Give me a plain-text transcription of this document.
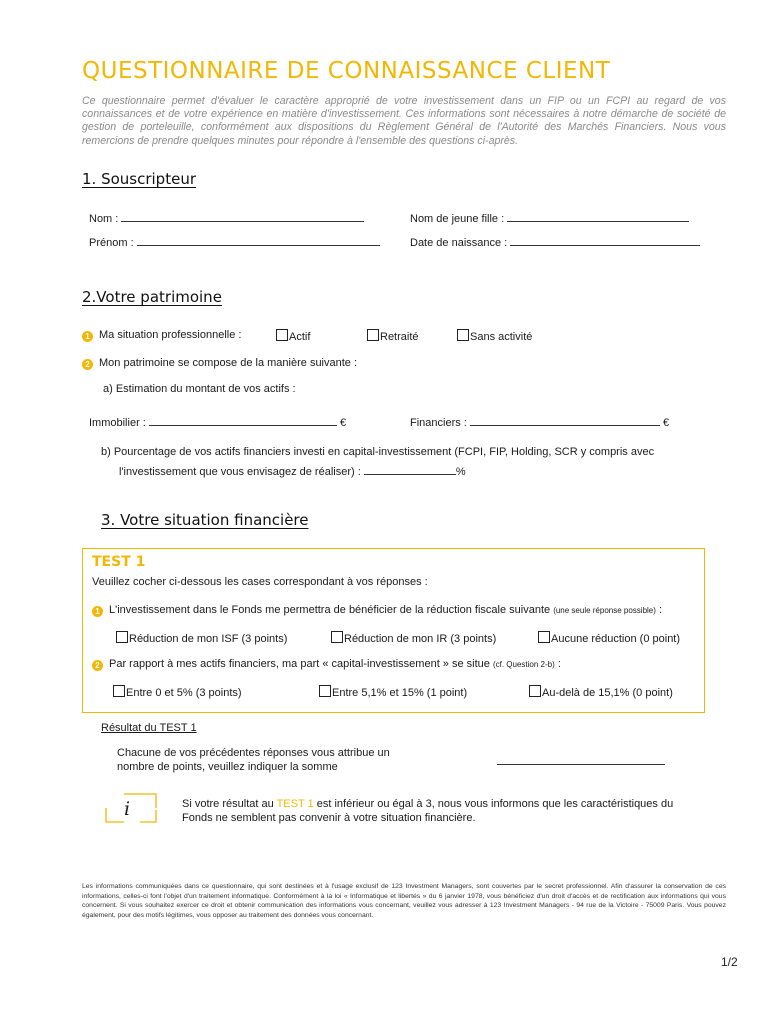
QUESTIONNAIRE DE CONNAISSANCE CLIENT
Ce questionnaire permet d'évaluer le caractère approprié de votre investissement dans un FIP ou un FCPI au regard de vos connaissances et de votre expérience en matière d'investissement. Ces informations sont nécessaires à notre démarche de société de gestion de porteleuille, conformément aux dispositions du Règlement Général de l'Autorité des Marchés Financiers. Nous vous remercions de prendre quelques minutes pour répondre à l'ensemble des questions ci-après.
1. Souscripteur
Nom :	Nom de jeune fille :
Prénom :	Date de naissance :
2.Votre patrimoine
1 Ma situation professionnelle :	Actif	Retraité	Sans activité
2 Mon patrimoine se compose de la manière suivante :
a) Estimation du montant de vos actifs :
Immobilier :	€	Financiers :	€
b) Pourcentage de vos actifs financiers investi en capital-investissement (FCPI, FIP, Holding, SCR y compris avec
l'investissement que vous envisagez de réaliser) :	%
3. Votre situation financière
TEST 1
Veuillez cocher ci-dessous les cases correspondant à vos réponses :
1 L'investissement dans le Fonds me permettra de bénéficier de la réduction fiscale suivante (une seule réponse possible) :
Réduction de mon ISF (3 points)	Réduction de mon IR (3 points)	Aucune réduction (0 point)
2 Par rapport à mes actifs financiers, ma part « capital-investissement » se situe (cf. Question 2-b) :
Entre 0 et 5% (3 points)	Entre 5,1% et 15% (1 point)	Au-delà de 15,1% (0 point)
Résultat du TEST 1
Chacune de vos précédentes réponses vous attribue un
nombre de points, veuillez indiquer la somme
i	Si votre résultat au TEST 1 est inférieur ou égal à 3, nous vous informons que les caractéristiques du
Fonds ne semblent pas convenir à votre situation financière.
Les informations communiquées dans ce questionnaire, qui sont destinées et à l'usage exclusif de 123 Investment Managers, sont couvertes par le secret professionnel. Afin d'assurer la conservation de ces informations, celles-ci font l'objet d'un traitement informatique. Conformément à la loi « Informatique et libertés » du 6 janvier 1978, vous bénéficiez d'un droit d'accès et de rectification aux informations qui vous concernent. Si vous souhaitez exercer ce droit et obtenir communication des informations vous concernant, veuillez vous adresser à 123 Investment Managers - 94 rue de la Victoire - 75009 Paris. Vous pouvez également, pour des motifs légitimes, vous opposer au traitement des données vous concernant.
1/2
